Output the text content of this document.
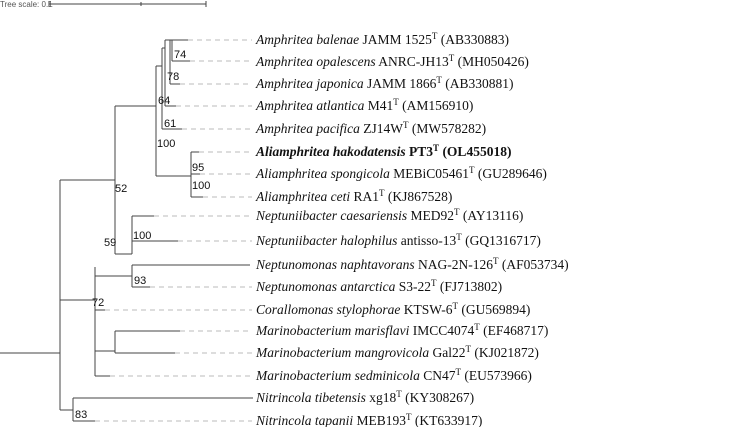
Tree scale: 0.1
74
78
64
61
100
95
100
52
100
59
93
72
83
Amphritea balenae JAMM $1525^T$ (AB330883)
Amphritea opalescens ANRC-$JH13^T$ (MH050426)
Amphritea japonica JAMM $1866^T$ (AB330881)
Amphritea atlantica $M41^T$ (AM156910)
Amphritea pacifica $ZJ14W^T$ (MW578282)
Aliamphritea hakodatensis $PT3^T$ (OL455018)
Aliamphritea spongicola $MEBiC05461^T$ (GU289646)
Aliamphritea ceti $RA1^T$ (KJ867528)
Neptuniibacter caesariensis $MED92^T$ (AY13116)
Neptuniibacter halophilus antisso-$13^T$ (GQ1316717)
Neptunomonas naphtavorans NAG-$2N-126^T$ (AF053734)
Neptunomonas antarctica $S3-22^T$ (FJ713802)
Corallomonas stylophorae KTSW-$6^T$ (GU569894)
Marinobacterium marisflavi $IMCC4074^T$ (EF468717)
Marinobacterium mangrovicola $Gal22^T$ (KJ021872)
Marinobacterium sedminicola $CN47^T$ (EU573966)
Nitrincola tibetensis $xg18^T$ (KY308267)
Nitrincola tapanii $MEB193^T$ (KT633917)
